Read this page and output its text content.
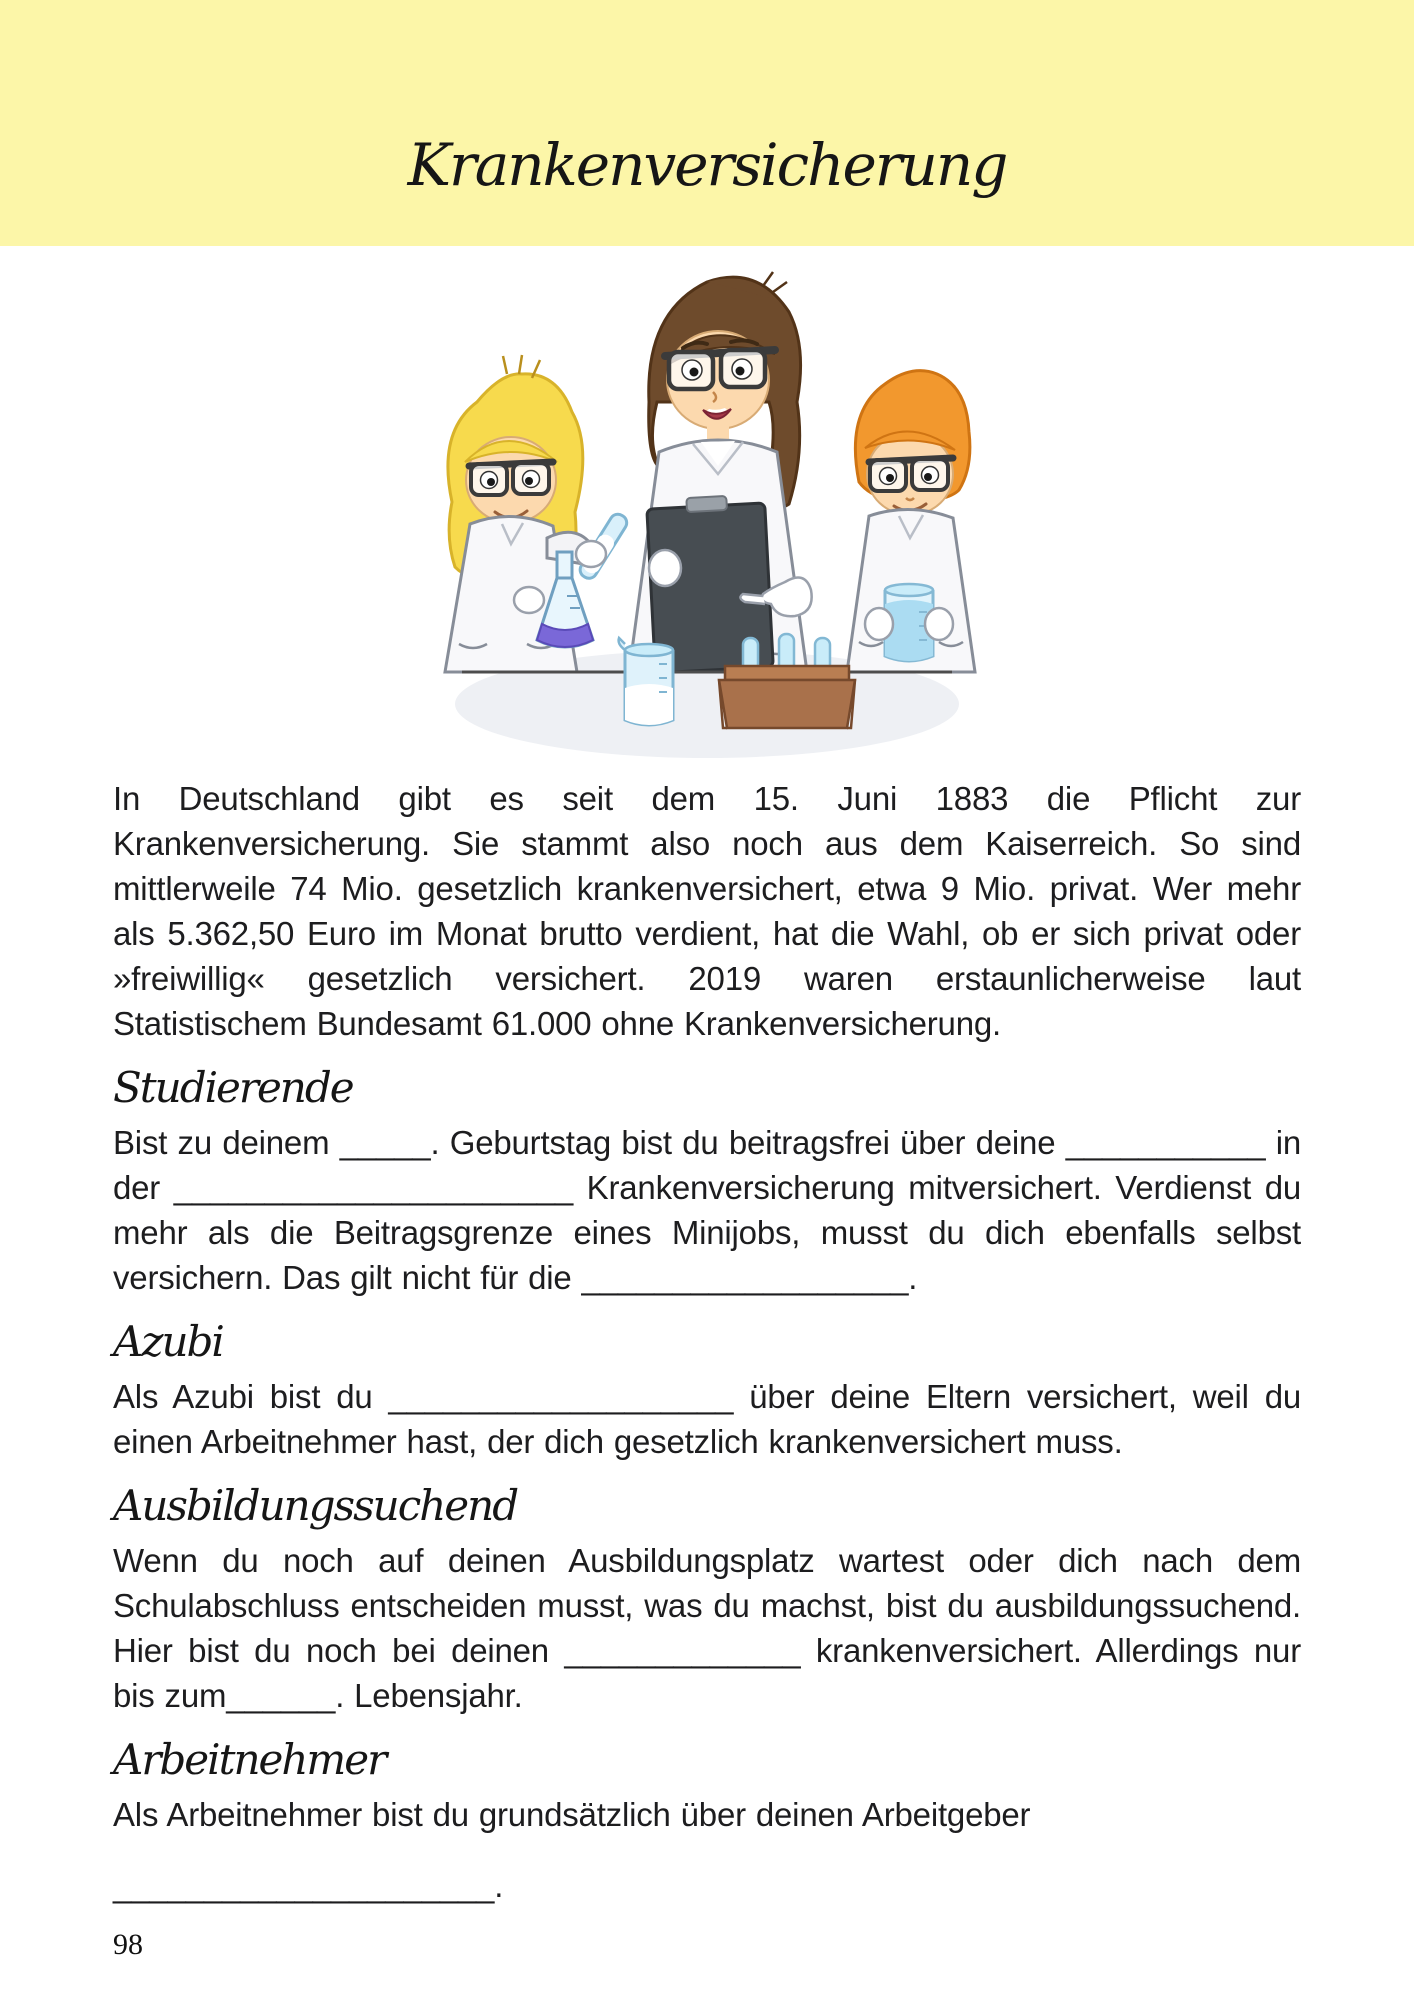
Krankenversicherung

In Deutschland gibt es seit dem 15. Juni 1883 die Pflicht zur Krankenversicherung. Sie stammt also noch aus dem Kaiserreich. So sind mittlerweile 74 Mio. gesetzlich krankenversichert, etwa 9 Mio. privat. Wer mehr als 5.362,50 Euro im Monat brutto verdient, hat die Wahl, ob er sich privat oder »freiwillig« gesetzlich versichert. 2019 waren erstaunlicherweise laut Statistischem Bundesamt 61.000 ohne Krankenversicherung.

Studierende

Bist zu deinem _____. Geburtstag bist du beitragsfrei über deine ___________ in der ______________________ Krankenversicherung mitversichert. Verdienst du mehr als die Beitragsgrenze eines Minijobs, musst du dich ebenfalls selbst versichern. Das gilt nicht für die __________________.

Azubi

Als Azubi bist du ___________________ über deine Eltern versichert, weil du einen Arbeitnehmer hast, der dich gesetzlich krankenversichert muss.

Ausbildungssuchend

Wenn du noch auf deinen Ausbildungsplatz wartest oder dich nach dem Schulabschluss entscheiden musst, was du machst, bist du ausbildungssuchend. Hier bist du noch bei deinen _____________ krankenversichert. Allerdings nur bis zum______. Lebensjahr.

Arbeitnehmer

Als Arbeitnehmer bist du grundsätzlich über deinen Arbeitgeber

_____________________.

98
